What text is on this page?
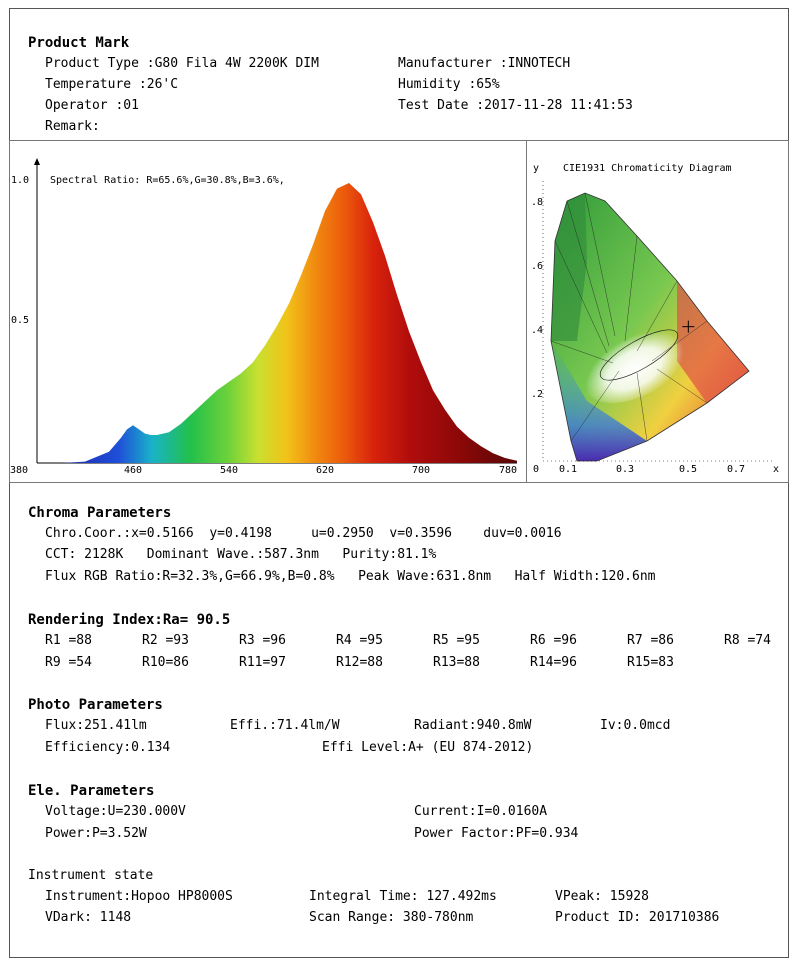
Product Mark
Product Type :G80 Fila 4W 2200K DIM	Manufacturer :INNOTECH
Temperature :26'C	Humidity :65%
Operator :01	Test Date :2017-11-28 11:41:53
Remark:
1.0
0.5
Spectral Ratio: R=65.6%,G=30.8%,B=3.6%,
380	460	540	620	700	780
y CIE1931 Chromaticity Diagram
.8
.6
.4
.2
0 0.1	0.3	0.5	0.7	x
Chroma Parameters
Chro.Coor.:x=0.5166  y=0.4198     u=0.2950  v=0.3596    duv=0.0016
CCT: 2128K   Dominant Wave.:587.3nm   Purity:81.1%
Flux RGB Ratio:R=32.3%,G=66.9%,B=0.8%   Peak Wave:631.8nm   Half Width:120.6nm
Rendering Index:Ra= 90.5
R1 =88	R2 =93	R3 =96	R4 =95	R5 =95	R6 =96	R7 =86	R8 =74
R9 =54	R10=86	R11=97	R12=88	R13=88	R14=96	R15=83
Photo Parameters
Flux:251.41lm	Effi.:71.4lm/W	Radiant:940.8mW	Iv:0.0mcd
Efficiency:0.134	Effi Level:A+ (EU 874-2012)
Ele. Parameters
Voltage:U=230.000V	Current:I=0.0160A
Power:P=3.52W	Power Factor:PF=0.934
Instrument state
Instrument:Hopoo HP8000S	Integral Time: 127.492ms	VPeak: 15928
VDark: 1148	Scan Range: 380-780nm	Product ID: 201710386
